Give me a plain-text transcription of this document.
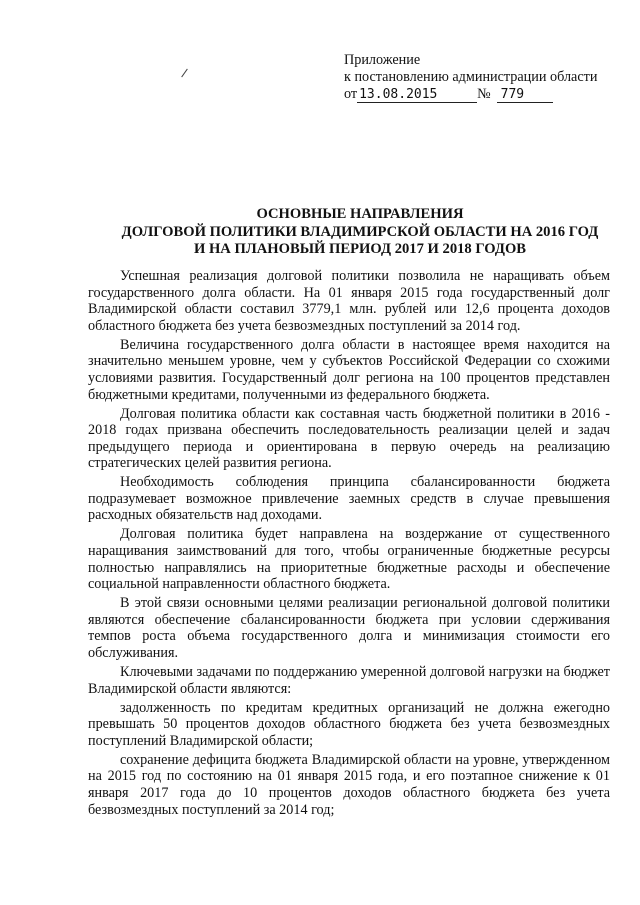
Приложение
к постановлению администрации области
от 13.08.2015	№ 779
ОСНОВНЫЕ НАПРАВЛЕНИЯ
ДОЛГОВОЙ ПОЛИТИКИ ВЛАДИМИРСКОЙ ОБЛАСТИ НА 2016 ГОД
И НА ПЛАНОВЫЙ ПЕРИОД 2017 И 2018 ГОДОВ

Успешная реализация долговой политики позволила не наращивать объем государственного долга области. На 01 января 2015 года государственный долг Владимирской области составил 3779,1 млн. рублей или 12,6 процента доходов областного бюджета без учета безвозмездных поступлений за 2014 год.

Величина государственного долга области в настоящее время находится на значительно меньшем уровне, чем у субъектов Российской Федерации со схожими условиями развития. Государственный долг региона на 100 процентов представлен бюджетными кредитами, полученными из федерального бюджета.

Долговая политика области как составная часть бюджетной политики в 2016 - 2018 годах призвана обеспечить последовательность реализации целей и задач предыдущего периода и ориентирована в первую очередь на реализацию стратегических целей развития региона.

Необходимость соблюдения принципа сбалансированности бюджета подразумевает возможное привлечение заемных средств в случае превышения расходных обязательств над доходами.

Долговая политика будет направлена на воздержание от существенного наращивания заимствований для того, чтобы ограниченные бюджетные ресурсы полностью направлялись на приоритетные бюджетные расходы и обеспечение социальной направленности областного бюджета.

В этой связи основными целями реализации региональной долговой политики являются обеспечение сбалансированности бюджета при условии сдерживания темпов роста объема государственного долга и минимизация стоимости его обслуживания.

Ключевыми задачами по поддержанию умеренной долговой нагрузки на бюджет Владимирской области являются:

задолженность по кредитам кредитных организаций не должна ежегодно превышать 50 процентов доходов областного бюджета без учета безвозмездных поступлений Владимирской области;

сохранение дефицита бюджета Владимирской области на уровне, утвержденном на 2015 год по состоянию на 01 января 2015 года, и его поэтапное снижение к 01 января 2017 года до 10 процентов доходов областного бюджета без учета безвозмездных поступлений за 2014 год;
